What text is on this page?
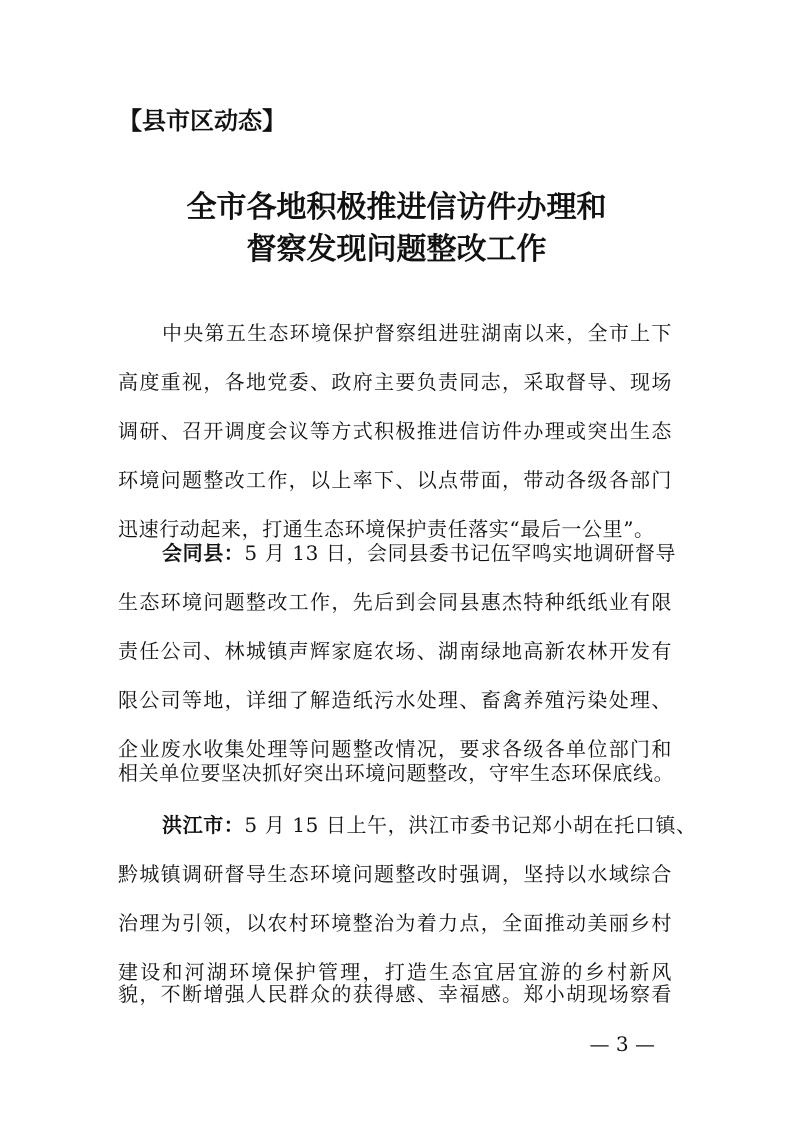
【县市区动态】
全市各地积极推进信访件办理和
督察发现问题整改工作
中央第五生态环境保护督察组进驻湖南以来，全市上下
高度重视，各地党委、政府主要负责同志，采取督导、现场
调研、召开调度会议等方式积极推进信访件办理或突出生态
环境问题整改工作，以上率下、以点带面，带动各级各部门
迅速行动起来，打通生态环境保护责任落实“最后一公里”。
会同县：5 月 13 日，会同县委书记伍罕鸣实地调研督导
生态环境问题整改工作，先后到会同县惠杰特种纸纸业有限
责任公司、林城镇声辉家庭农场、湖南绿地高新农林开发有
限公司等地，详细了解造纸污水处理、畜禽养殖污染处理、
企业废水收集处理等问题整改情况，要求各级各单位部门和
相关单位要坚决抓好突出环境问题整改，守牢生态环保底线。
洪江市：5 月 15 日上午，洪江市委书记郑小胡在托口镇、
黔城镇调研督导生态环境问题整改时强调，坚持以水域综合
治理为引领，以农村环境整治为着力点，全面推动美丽乡村
建设和河湖环境保护管理，打造生态宜居宜游的乡村新风
貌，不断增强人民群众的获得感、幸福感。郑小胡现场察看
— 3 —
